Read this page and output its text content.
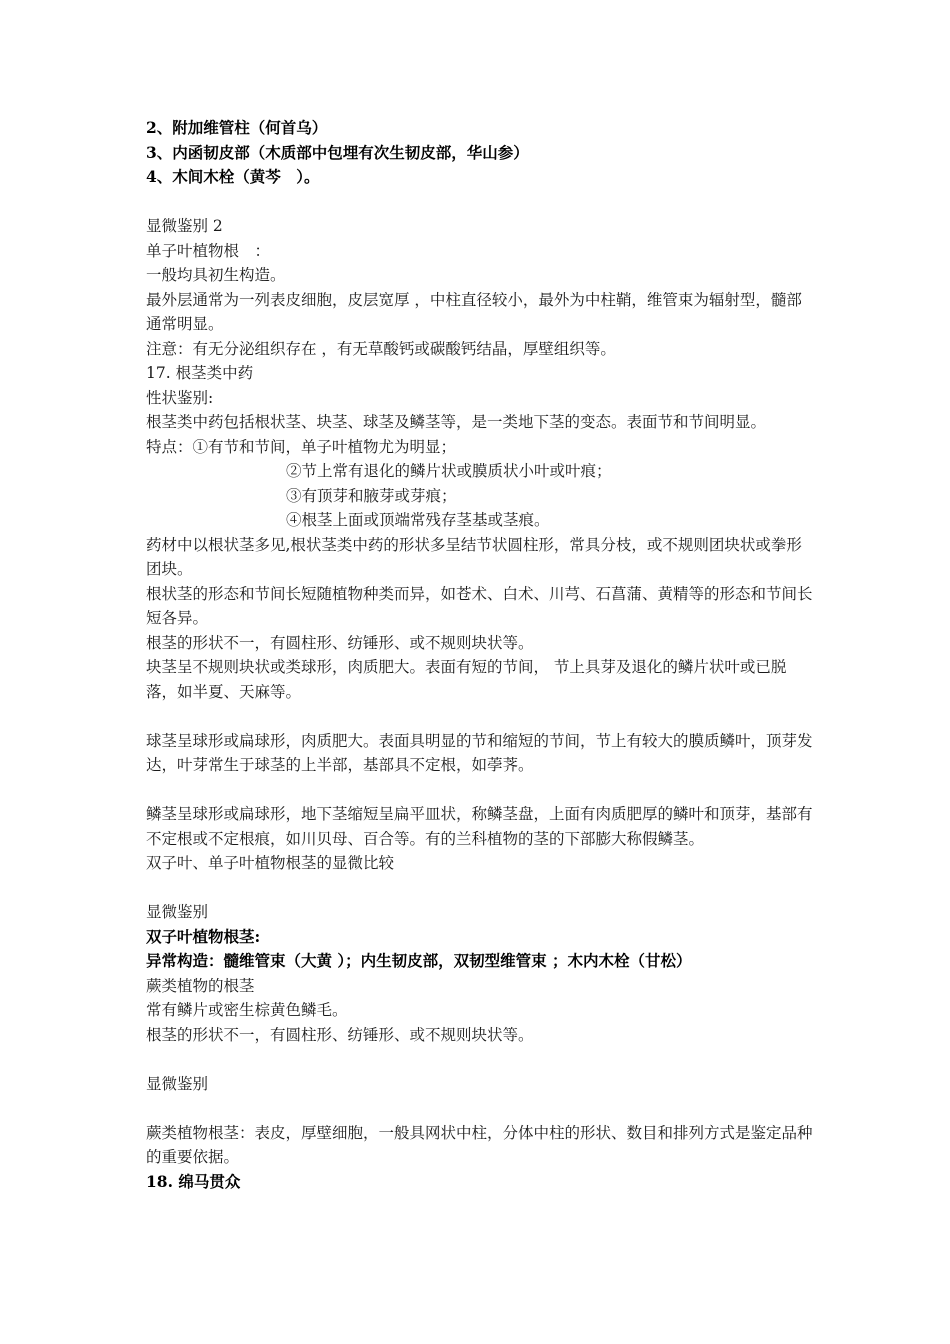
2、附加维管柱（何首乌）

3、内函韧皮部（木质部中包埋有次生韧皮部，华山参）

4、木间木栓（黄芩　）。

显微鉴别 2

单子叶植物根　：

一般均具初生构造。

最外层通常为一列表皮细胞，皮层宽厚 ，中柱直径较小，最外为中柱鞘，维管束为辐射型，髓部通常明显。

注意：有无分泌组织存在 ，有无草酸钙或碳酸钙结晶，厚壁组织等。

17. 根茎类中药

性状鉴别:

根茎类中药包括根状茎、块茎、球茎及鳞茎等，是一类地下茎的变态。表面节和节间明显。

特点：①有节和节间，单子叶植物尤为明显；

②节上常有退化的鳞片状或膜质状小叶或叶痕；

③有顶芽和腋芽或芽痕；

④根茎上面或顶端常残存茎基或茎痕。

药材中以根状茎多见,根状茎类中药的形状多呈结节状圆柱形，常具分枝，或不规则团块状或拳形团块。

根状茎的形态和节间长短随植物种类而异，如苍术、白术、川芎、石菖蒲、黄精等的形态和节间长短各异。

根茎的形状不一，有圆柱形、纺锤形、或不规则块状等。

块茎呈不规则块状或类球形，肉质肥大。表面有短的节间， 节上具芽及退化的鳞片状叶或已脱落，如半夏、天麻等。

球茎呈球形或扁球形，肉质肥大。表面具明显的节和缩短的节间，节上有较大的膜质鳞叶，顶芽发达，叶芽常生于球茎的上半部，基部具不定根，如荸荠。

鳞茎呈球形或扁球形，地下茎缩短呈扁平皿状，称鳞茎盘，上面有肉质肥厚的鳞叶和顶芽，基部有不定根或不定根痕，如川贝母、百合等。有的兰科植物的茎的下部膨大称假鳞茎。

双子叶、单子叶植物根茎的显微比较

显微鉴别

双子叶植物根茎:

异常构造：髓维管束（大黄 ）；内生韧皮部，双韧型维管束 ；木内木栓（甘松）

蕨类植物的根茎

常有鳞片或密生棕黄色鳞毛。

根茎的形状不一，有圆柱形、纺锤形、或不规则块状等。

显微鉴别

蕨类植物根茎：表皮，厚壁细胞，一般具网状中柱，分体中柱的形状、数目和排列方式是鉴定品种的重要依据。

18. 绵马贯众
